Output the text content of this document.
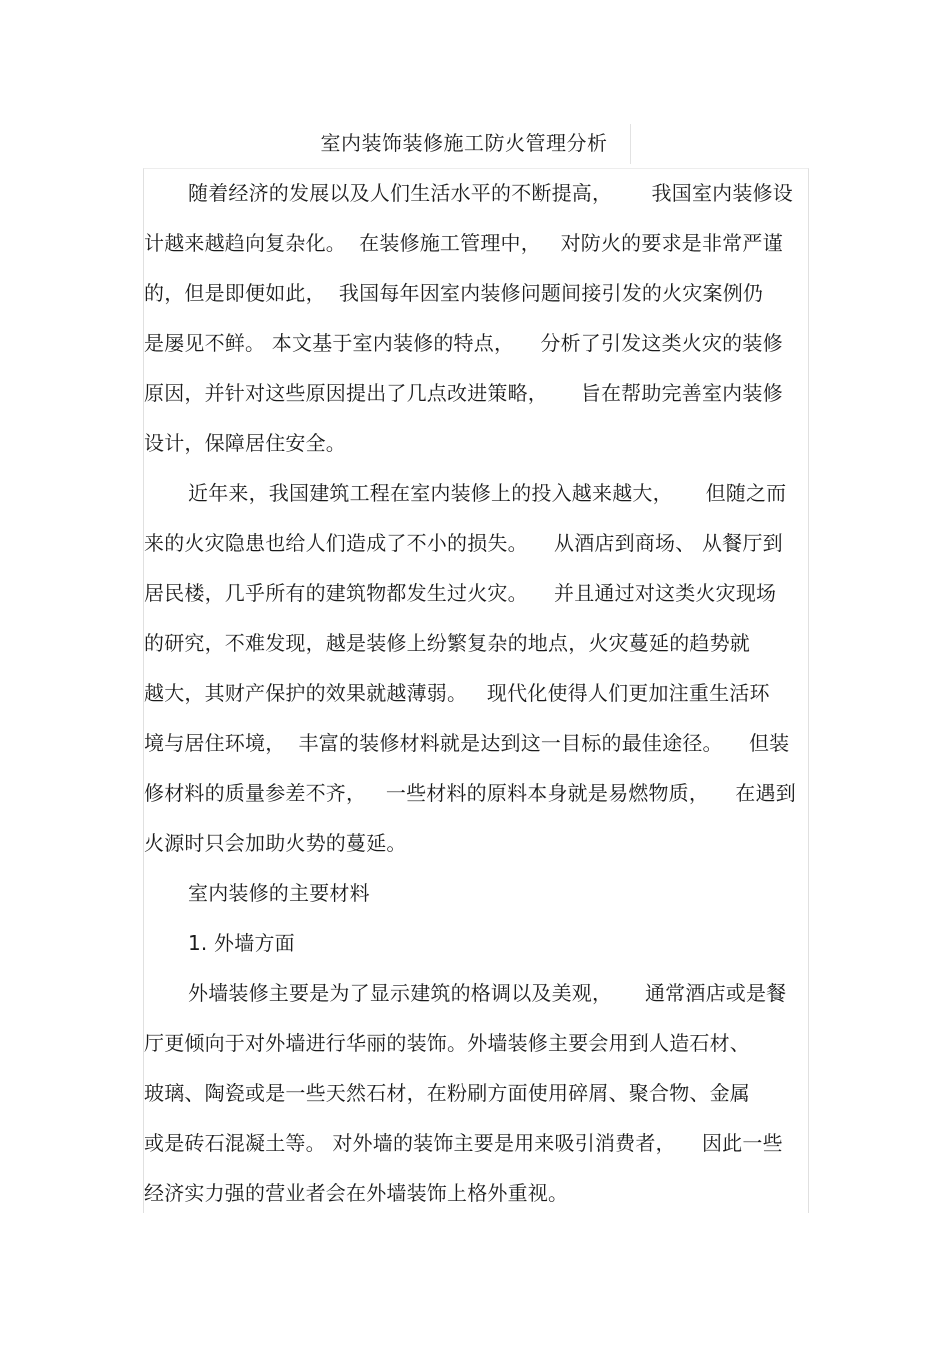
室内装饰装修施工防火管理分析
随着经济的发展以及人们生活水平的不断提高，      我国室内装修设
计越来越趋向复杂化。  在装修施工管理中，   对防火的要求是非常严谨
的，但是即便如此，  我国每年因室内装修问题间接引发的火灾案例仍
是屡见不鲜。 本文基于室内装修的特点，    分析了引发这类火灾的装修
原因，并针对这些原因提出了几点改进策略，     旨在帮助完善室内装修
设计，保障居住安全。
近年来，我国建筑工程在室内装修上的投入越来越大，     但随之而
来的火灾隐患也给人们造成了不小的损失。    从酒店到商场、 从餐厅到
居民楼，几乎所有的建筑物都发生过火灾。    并且通过对这类火灾现场
的研究，不难发现，越是装修上纷繁复杂的地点，火灾蔓延的趋势就
越大，其财产保护的效果就越薄弱。   现代化使得人们更加注重生活环
境与居住环境，  丰富的装修材料就是达到这一目标的最佳途径。    但装
修材料的质量参差不齐，   一些材料的原料本身就是易燃物质，    在遇到
火源时只会加助火势的蔓延。
室内装修的主要材料
1. 外墙方面
外墙装修主要是为了显示建筑的格调以及美观，     通常酒店或是餐
厅更倾向于对外墙进行华丽的装饰。外墙装修主要会用到人造石材、
玻璃、陶瓷或是一些天然石材，在粉刷方面使用碎屑、聚合物、金属
或是砖石混凝土等。 对外墙的装饰主要是用来吸引消费者，    因此一些
经济实力强的营业者会在外墙装饰上格外重视。
